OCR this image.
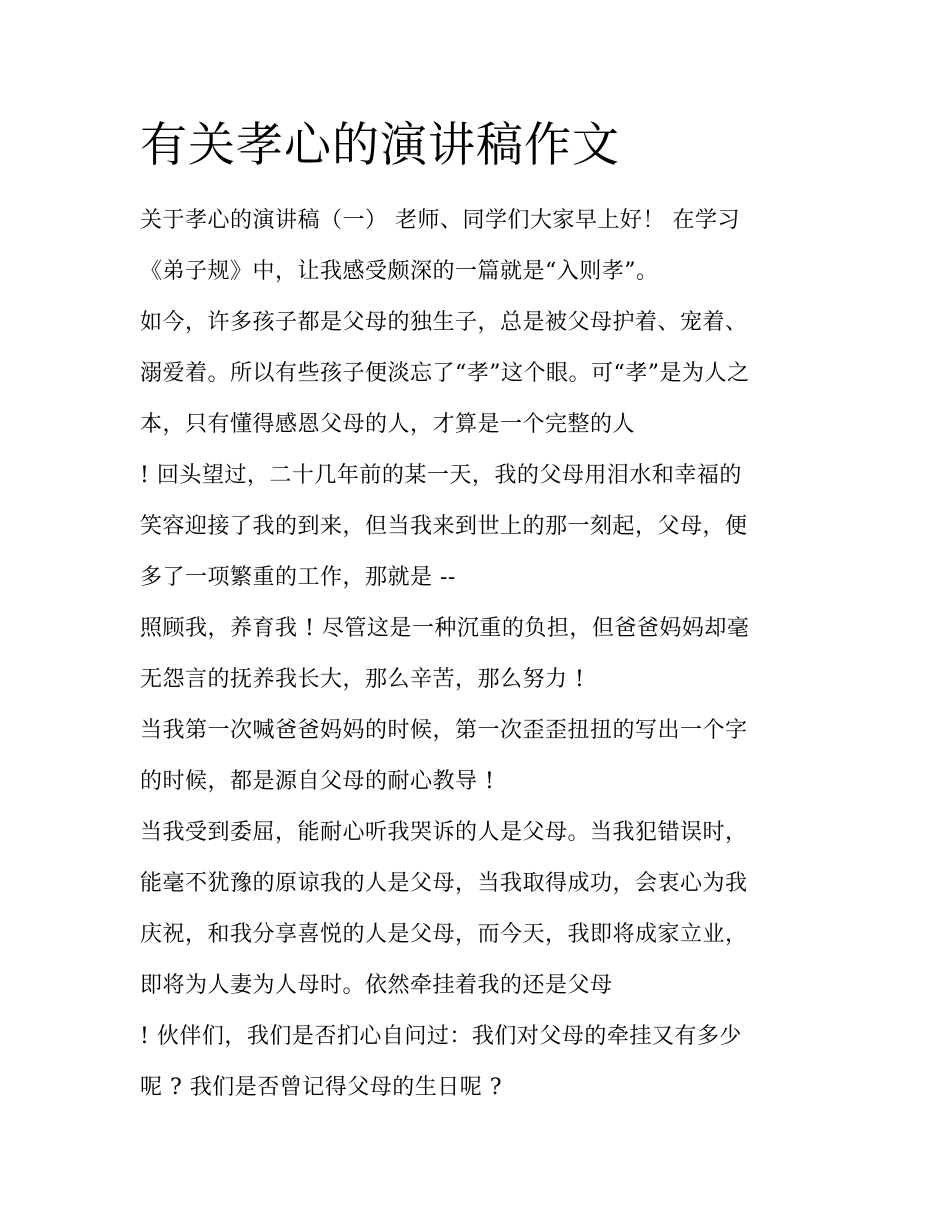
有关孝心的演讲稿作文

关于孝心的演讲稿（一） 老师、同学们大家早上好！ 在学习

《弟子规》中，让我感受颇深的一篇就是“入则孝”。

如今，许多孩子都是父母的独生子，总是被父母护着、宠着、

溺爱着。所以有些孩子便淡忘了“孝”这个眼。可“孝”是为人之

本，只有懂得感恩父母的人，才算是一个完整的人

! 回头望过，二十几年前的某一天，我的父母用泪水和幸福的

笑容迎接了我的到来，但当我来到世上的那一刻起，父母，便

多了一项繁重的工作，那就是 --

照顾我，养育我 ! 尽管这是一种沉重的负担，但爸爸妈妈却毫

无怨言的抚养我长大，那么辛苦，那么努力 !

当我第一次喊爸爸妈妈的时候，第一次歪歪扭扭的写出一个字

的时候，都是源自父母的耐心教导 !

当我受到委屈，能耐心听我哭诉的人是父母。当我犯错误时，

能毫不犹豫的原谅我的人是父母，当我取得成功，会衷心为我

庆祝，和我分享喜悦的人是父母，而今天，我即将成家立业，

即将为人妻为人母时。依然牵挂着我的还是父母

! 伙伴们，我们是否扪心自问过：我们对父母的牵挂又有多少

呢 ? 我们是否曾记得父母的生日呢 ?
